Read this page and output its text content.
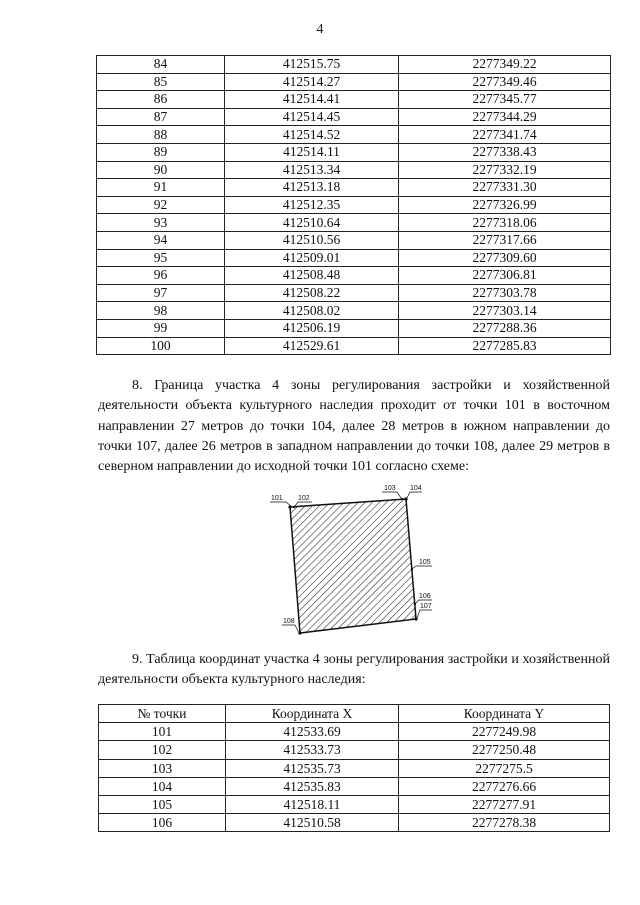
4
84	412515.75	2277349.22
85	412514.27	2277349.46
86	412514.41	2277345.77
87	412514.45	2277344.29
88	412514.52	2277341.74
89	412514.11	2277338.43
90	412513.34	2277332.19
91	412513.18	2277331.30
92	412512.35	2277326.99
93	412510.64	2277318.06
94	412510.56	2277317.66
95	412509.01	2277309.60
96	412508.48	2277306.81
97	412508.22	2277303.78
98	412508.02	2277303.14
99	412506.19	2277288.36
100	412529.61	2277285.83

8. Граница участка 4 зоны регулирования застройки и хозяйственной деятельности объекта культурного наследия проходит от точки 101 в восточном направлении 27 метров до точки 104, далее 28 метров в южном направлении до точки 107, далее 26 метров в западном направлении до точки 108, далее 29 метров в северном направлении до исходной точки 101 согласно схеме:

101 102
103 104
105
106
107
108

9. Таблица координат участка 4 зоны регулирования застройки и хозяйственной деятельности объекта культурного наследия:

№ точки	Координата X	Координата Y
101	412533.69	2277249.98
102	412533.73	2277250.48
103	412535.73	2277275.5
104	412535.83	2277276.66
105	412518.11	2277277.91
106	412510.58	2277278.38
